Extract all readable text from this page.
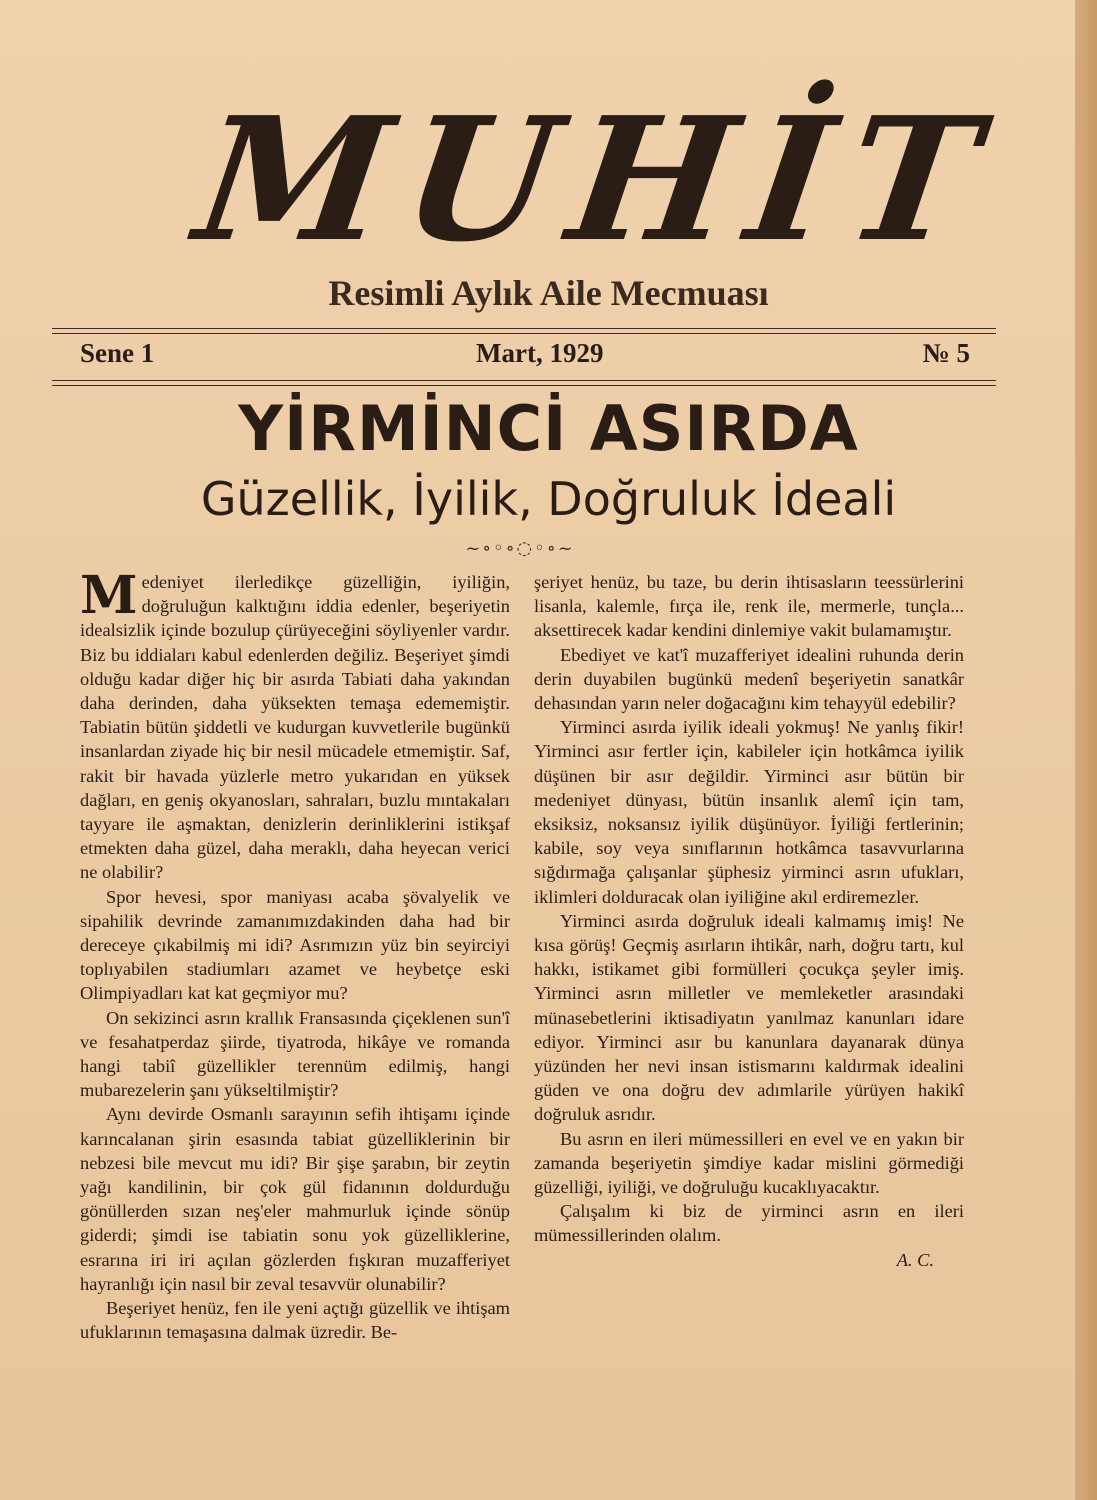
MUHİT
Resimli Aylık Aile Mecmuası
Sene 1	Mart, 1929	№ 5
YİRMİNCİ ASIRDA
Güzellik, İyilik, Doğruluk İdeali
~∘◦∘◌◦∘~

Medeniyet ilerledikçe güzelliğin, iyiliğin, doğruluğun kalktığını iddia edenler, beşeriyetin idealsizlik içinde bozulup çürüyeceğini söyliyenler vardır. Biz bu iddiaları kabul edenlerden değiliz. Beşeriyet şimdi olduğu kadar diğer hiç bir asırda Tabiati daha yakından daha derinden, daha yüksekten temaşa edememiştir. Tabiatin bütün şiddetli ve kudurgan kuvvetlerile bugünkü insanlardan ziyade hiç bir nesil mücadele etmemiştir. Saf, rakit bir havada yüzlerle metro yukarıdan en yüksek dağları, en geniş okyanosları, sahraları, buzlu mıntakaları tayyare ile aşmaktan, denizlerin derinliklerini istikşaf etmekten daha güzel, daha meraklı, daha heyecan verici ne olabilir?

Spor hevesi, spor maniyası acaba şövalyelik ve sipahilik devrinde zamanımızdakinden daha had bir dereceye çıkabilmiş mi idi? Asrımızın yüz bin seyirciyi toplıyabilen stadiumları azamet ve heybetçe eski Olimpiyadları kat kat geçmiyor mu?

On sekizinci asrın krallık Fransasında çiçeklenen sun'î ve fesahatperdaz şiirde, tiyatroda, hikâye ve romanda hangi tabiî güzellikler terennüm edilmiş, hangi mubarezelerin şanı yükseltilmiştir?

Aynı devirde Osmanlı sarayının sefih ihtişamı içinde karıncalanan şirin esasında tabiat güzelliklerinin bir nebzesi bile mevcut mu idi? Bir şişe şarabın, bir zeytin yağı kandilinin, bir çok gül fidanının doldurduğu gönüllerden sızan neş'eler mahmurluk içinde sönüp giderdi; şimdi ise tabiatin sonu yok güzelliklerine, esrarına iri iri açılan gözlerden fışkıran muzafferiyet hayranlığı için nasıl bir zeval tesavvür olunabilir?

Beşeriyet henüz, fen ile yeni açtığı güzellik ve ihtişam ufuklarının temaşasına dalmak üzredir. Be-

şeriyet henüz, bu taze, bu derin ihtisasların teessürlerini lisanla, kalemle, fırça ile, renk ile, mermerle, tunçla... aksettirecek kadar kendini dinlemiye vakit bulamamıştır.

Ebediyet ve kat'î muzafferiyet idealini ruhunda derin derin duyabilen bugünkü medenî beşeriyetin sanatkâr dehasından yarın neler doğacağını kim tehayyül edebilir?

Yirminci asırda iyilik ideali yokmuş! Ne yanlış fikir! Yirminci asır fertler için, kabileler için hotkâmca iyilik düşünen bir asır değildir. Yirminci asır bütün bir medeniyet dünyası, bütün insanlık alemî için tam, eksiksiz, noksansız iyilik düşünüyor. İyiliği fertlerinin; kabile, soy veya sınıflarının hotkâmca tasavvurlarına sığdırmağa çalışanlar şüphesiz yirminci asrın ufukları, iklimleri dolduracak olan iyiliğine akıl erdiremezler.

Yirminci asırda doğruluk ideali kalmamış imiş! Ne kısa görüş! Geçmiş asırların ihtikâr, narh, doğru tartı, kul hakkı, istikamet gibi formülleri çocukça şeyler imiş. Yirminci asrın milletler ve memleketler arasındaki münasebetlerini iktisadiyatın yanılmaz kanunları idare ediyor. Yirminci asır bu kanunlara dayanarak dünya yüzünden her nevi insan istismarını kaldırmak idealini güden ve ona doğru dev adımlarile yürüyen hakikî doğruluk asrıdır.

Bu asrın en ileri mümessilleri en evel ve en yakın bir zamanda beşeriyetin şimdiye kadar mislini görmediği güzelliği, iyiliği, ve doğruluğu kucaklıyacaktır.

Çalışalım ki biz de yirminci asrın en ileri mümessillerinden olalım.

A. C.
